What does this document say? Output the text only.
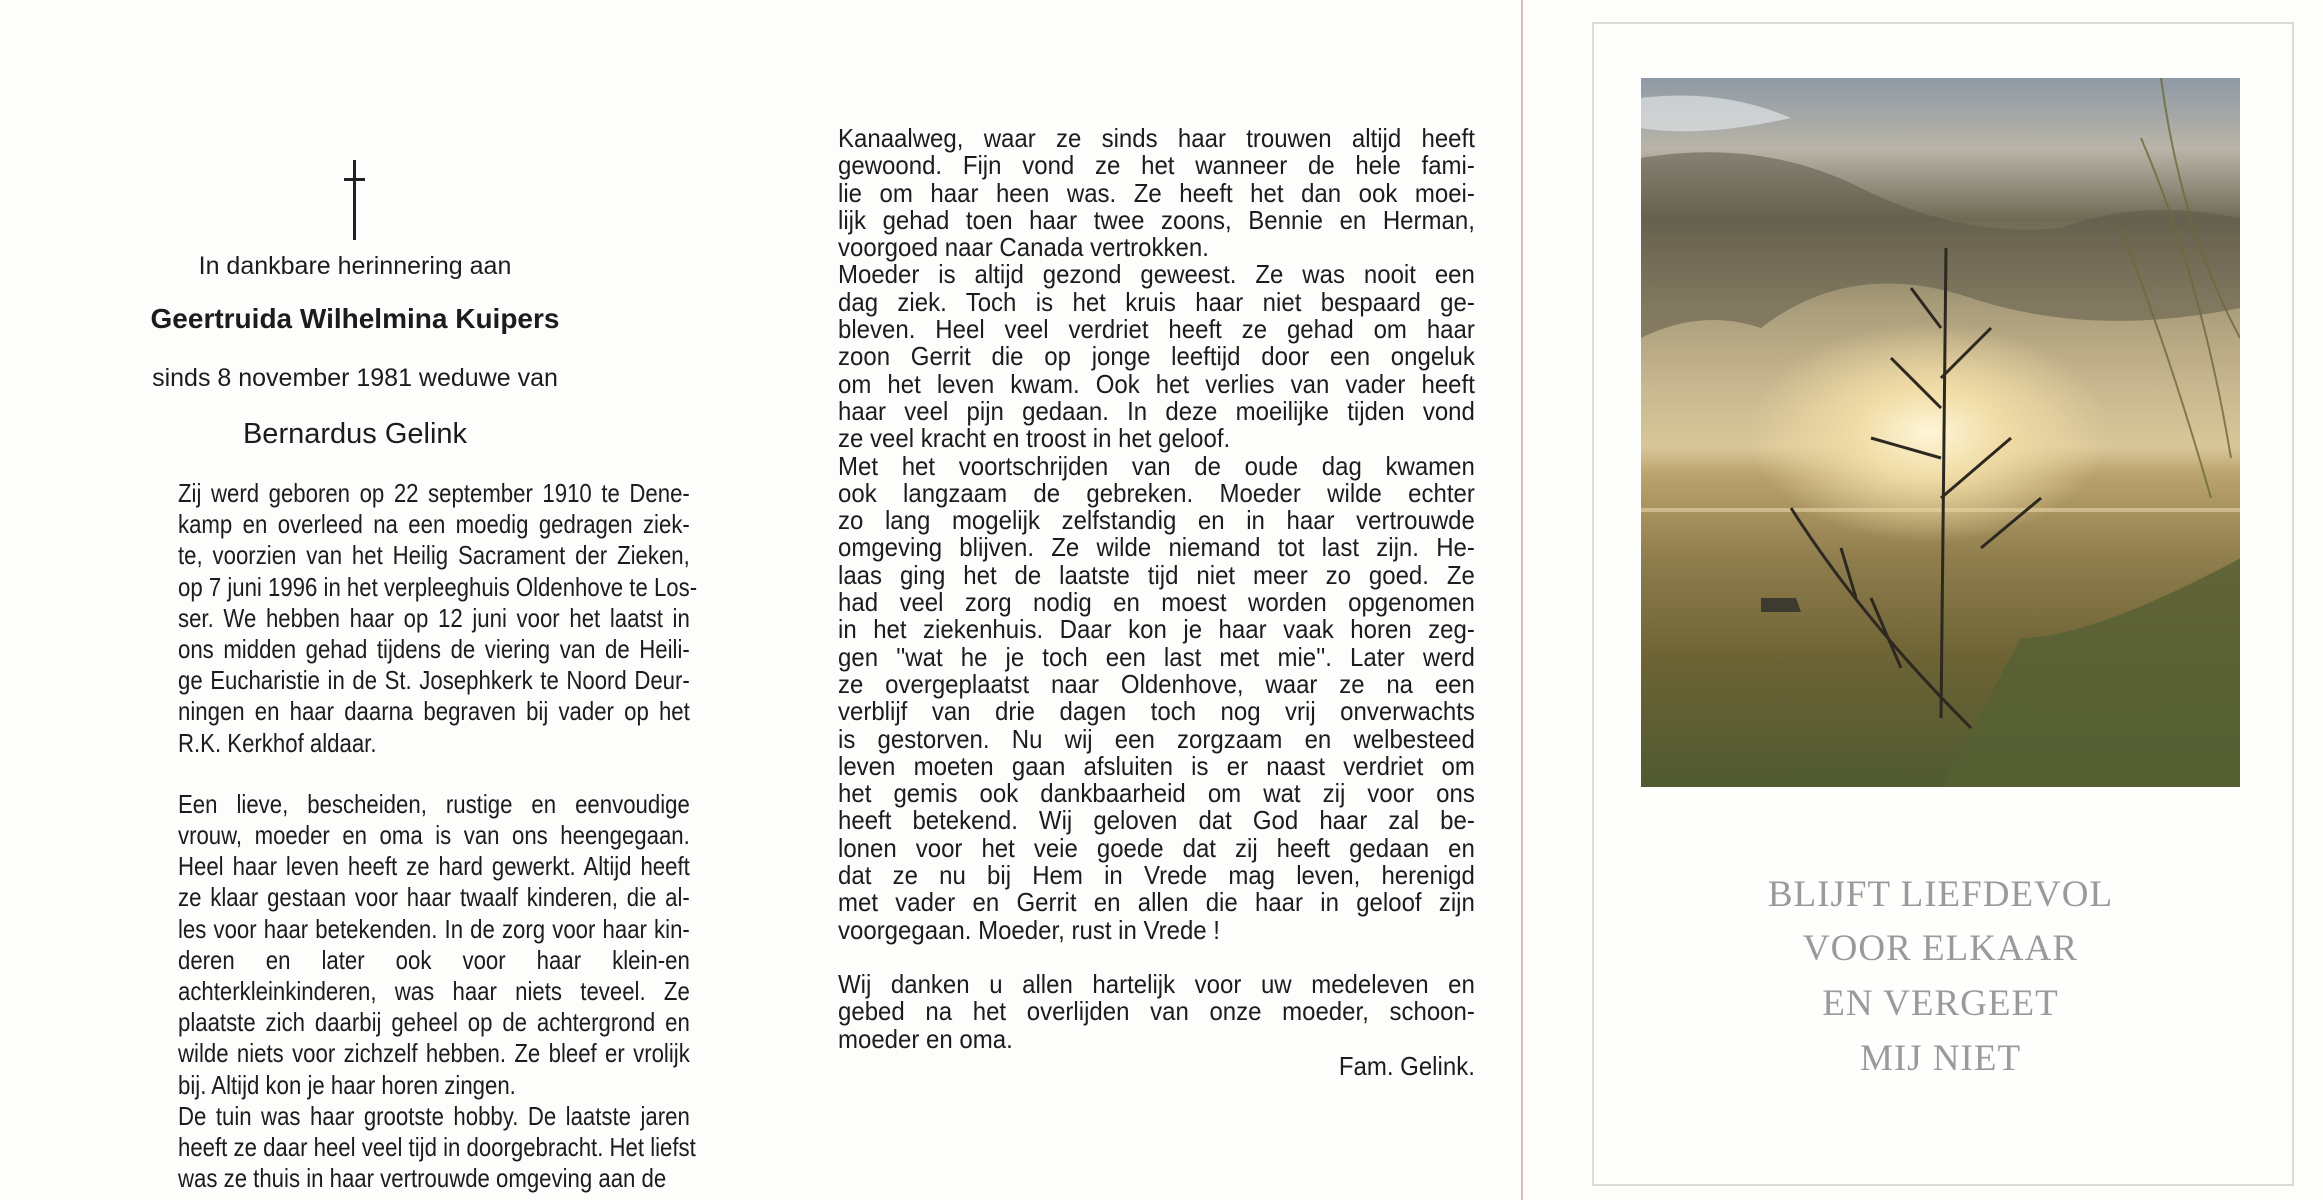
In dankbare herinnering aan
Geertruida Wilhelmina Kuipers
sinds 8 november 1981 weduwe van
Bernardus Gelink
Zij werd geboren op 22 september 1910 te Dene-
kamp en overleed na een moedig gedragen ziek-
te, voorzien van het Heilig Sacrament der Zieken,
op 7 juni 1996 in het verpleeghuis Oldenhove te Los-
ser. We hebben haar op 12 juni voor het laatst in
ons midden gehad tijdens de viering van de Heili-
ge Eucharistie in de St. Josephkerk te Noord Deur-
ningen en haar daarna begraven bij vader op het
R.K. Kerkhof aldaar.
Een lieve, bescheiden, rustige en eenvoudige
vrouw, moeder en oma is van ons heengegaan.
Heel haar leven heeft ze hard gewerkt. Altijd heeft
ze klaar gestaan voor haar twaalf kinderen, die al-
les voor haar betekenden. In de zorg voor haar kin-
deren en later ook voor haar klein-en
achterkleinkinderen, was haar niets teveel. Ze
plaatste zich daarbij geheel op de achtergrond en
wilde niets voor zichzelf hebben. Ze bleef er vrolijk
bij. Altijd kon je haar horen zingen.
De tuin was haar grootste hobby. De laatste jaren
heeft ze daar heel veel tijd in doorgebracht. Het liefst
was ze thuis in haar vertrouwde omgeving aan de
Kanaalweg, waar ze sinds haar trouwen altijd heeft
gewoond. Fijn vond ze het wanneer de hele fami-
lie om haar heen was. Ze heeft het dan ook moei-
lijk gehad toen haar twee zoons, Bennie en Herman,
voorgoed naar Canada vertrokken.
Moeder is altijd gezond geweest. Ze was nooit een
dag ziek. Toch is het kruis haar niet bespaard ge-
bleven. Heel veel verdriet heeft ze gehad om haar
zoon Gerrit die op jonge leeftijd door een ongeluk
om het leven kwam. Ook het verlies van vader heeft
haar veel pijn gedaan. In deze moeilijke tijden vond
ze veel kracht en troost in het geloof.
Met het voortschrijden van de oude dag kwamen
ook langzaam de gebreken. Moeder wilde echter
zo lang mogelijk zelfstandig en in haar vertrouwde
omgeving blijven. Ze wilde niemand tot last zijn. He-
laas ging het de laatste tijd niet meer zo goed. Ze
had veel zorg nodig en moest worden opgenomen
in het ziekenhuis. Daar kon je haar vaak horen zeg-
gen ''wat he je toch een last met mie''. Later werd
ze overgeplaatst naar Oldenhove, waar ze na een
verblijf van drie dagen toch nog vrij onverwachts
is gestorven. Nu wij een zorgzaam en welbesteed
leven moeten gaan afsluiten is er naast verdriet om
het gemis ook dankbaarheid om wat zij voor ons
heeft betekend. Wij geloven dat God haar zal be-
lonen voor het veie goede dat zij heeft gedaan en
dat ze nu bij Hem in Vrede mag leven, herenigd
met vader en Gerrit en allen die haar in geloof zijn
voorgegaan. Moeder, rust in Vrede !
Wij danken u allen hartelijk voor uw medeleven en
gebed na het overlijden van onze moeder, schoon-
moeder en oma.
Fam. Gelink.
BLIJFT LIEFDEVOL
VOOR ELKAAR
EN VERGEET
MIJ NIET
